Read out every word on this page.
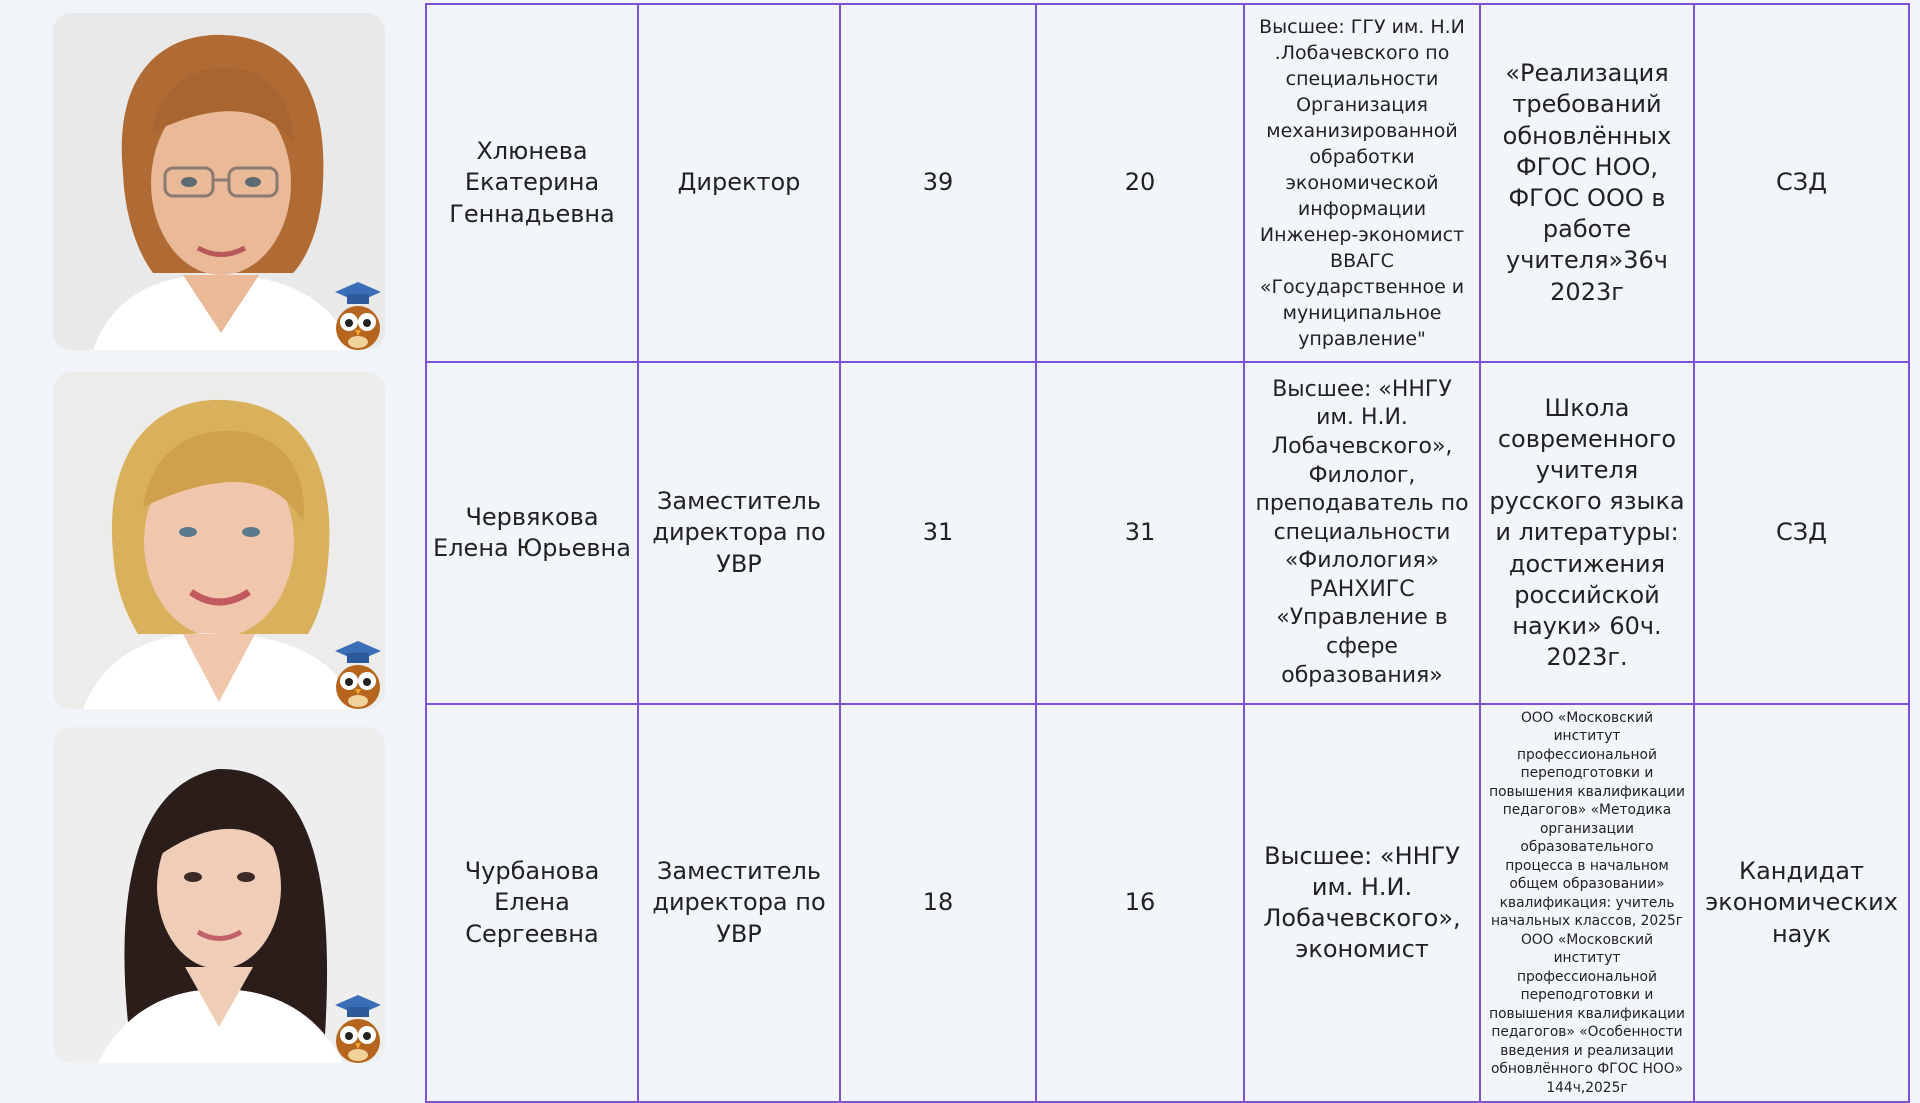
Хлюнева Екатерина Геннадьевна	Директор	39	20	Высшее: ГГУ им. Н.И .Лобачевского по специальности Организация механизированной обработки экономической информации Инженер-экономист ВВАГС «Государственное и муниципальное управление"	«Реализация требований обновлённых ФГОС НОО, ФГОС ООО в работе учителя»36ч 2023г	СЗД
Червякова Елена Юрьевна	Заместитель директора по УВР	31	31	Высшее: «ННГУ им. Н.И. Лобачевского», Филолог, преподаватель по специальности «Филология» РАНХИГС «Управление в сфере образования»	Школа современного учителя русского языка и литературы: достижения российской науки» 60ч. 2023г.	СЗД
Чурбанова Елена Сергеевна	Заместитель директора по УВР	18	16	Высшее: «ННГУ им. Н.И. Лобачевского», экономист	ООО «Московский институт профессиональной переподготовки и повышения квалификации педагогов» «Методика организации образовательного процесса в начальном общем образовании» квалификация: учитель начальных классов, 2025г ООО «Московский институт профессиональной переподготовки и повышения квалификации педагогов» «Особенности введения и реализации обновлённого ФГОС НОО» 144ч,2025г	Кандидат экономических наук
